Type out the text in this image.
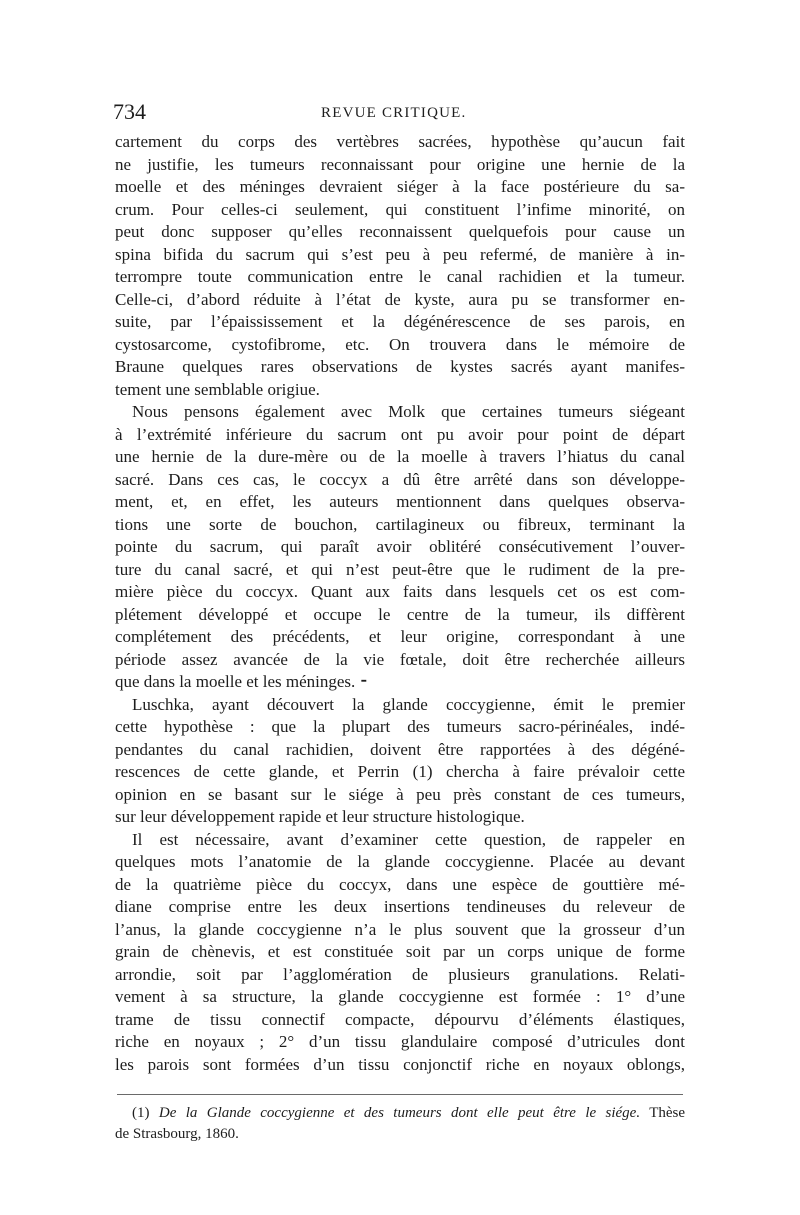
734	REVUE CRITIQUE.
cartement du corps des vertèbres sacrées, hypothèse qu’aucun fait
ne justifie, les tumeurs reconnaissant pour origine une hernie de la
moelle et des méninges devraient siéger à la face postérieure du sa-
crum. Pour celles-ci seulement, qui constituent l’infime minorité, on
peut donc supposer qu’elles reconnaissent quelquefois pour cause un
spina bifida du sacrum qui s’est peu à peu refermé, de manière à in-
terrompre toute communication entre le canal rachidien et la tumeur.
Celle-ci, d’abord réduite à l’état de kyste, aura pu se transformer en-
suite, par l’épaississement et la dégénérescence de ses parois, en
cystosarcome, cystofibrome, etc. On trouvera dans le mémoire de
Braune quelques rares observations de kystes sacrés ayant manifes-
tement une semblable origiue.
Nous pensons également avec Molk que certaines tumeurs siégeant
à l’extrémité inférieure du sacrum ont pu avoir pour point de départ
une hernie de la dure-mère ou de la moelle à travers l’hiatus du canal
sacré. Dans ces cas, le coccyx a dû être arrêté dans son développe-
ment, et, en effet, les auteurs mentionnent dans quelques observa-
tions une sorte de bouchon, cartilagineux ou fibreux, terminant la
pointe du sacrum, qui paraît avoir oblitéré consécutivement l’ouver-
ture du canal sacré, et qui n’est peut-être que le rudiment de la pre-
mière pièce du coccyx. Quant aux faits dans lesquels cet os est com-
plétement développé et occupe le centre de la tumeur, ils diffèrent
complétement des précédents, et leur origine, correspondant à une
période assez avancée de la vie fœtale, doit être recherchée ailleurs
que dans la moelle et les méninges. ⁃
Luschka, ayant découvert la glande coccygienne, émit le premier
cette hypothèse : que la plupart des tumeurs sacro-périnéales, indé-
pendantes du canal rachidien, doivent être rapportées à des dégéné-
rescences de cette glande, et Perrin (1) chercha à faire prévaloir cette
opinion en se basant sur le siége à peu près constant de ces tumeurs,
sur leur développement rapide et leur structure histologique.
Il est nécessaire, avant d’examiner cette question, de rappeler en
quelques mots l’anatomie de la glande coccygienne. Placée au devant
de la quatrième pièce du coccyx, dans une espèce de gouttière mé-
diane comprise entre les deux insertions tendineuses du releveur de
l’anus, la glande coccygienne n’a le plus souvent que la grosseur d’un
grain de chènevis, et est constituée soit par un corps unique de forme
arrondie, soit par l’agglomération de plusieurs granulations. Relati-
vement à sa structure, la glande coccygienne est formée : 1° d’une
trame de tissu connectif compacte, dépourvu d’éléments élastiques,
riche en noyaux ; 2° d’un tissu glandulaire composé d’utricules dont
les parois sont formées d’un tissu conjonctif riche en noyaux oblongs,
(1) De la Glande coccygienne et des tumeurs dont elle peut être le siége. Thèse
de Strasbourg, 1860.
